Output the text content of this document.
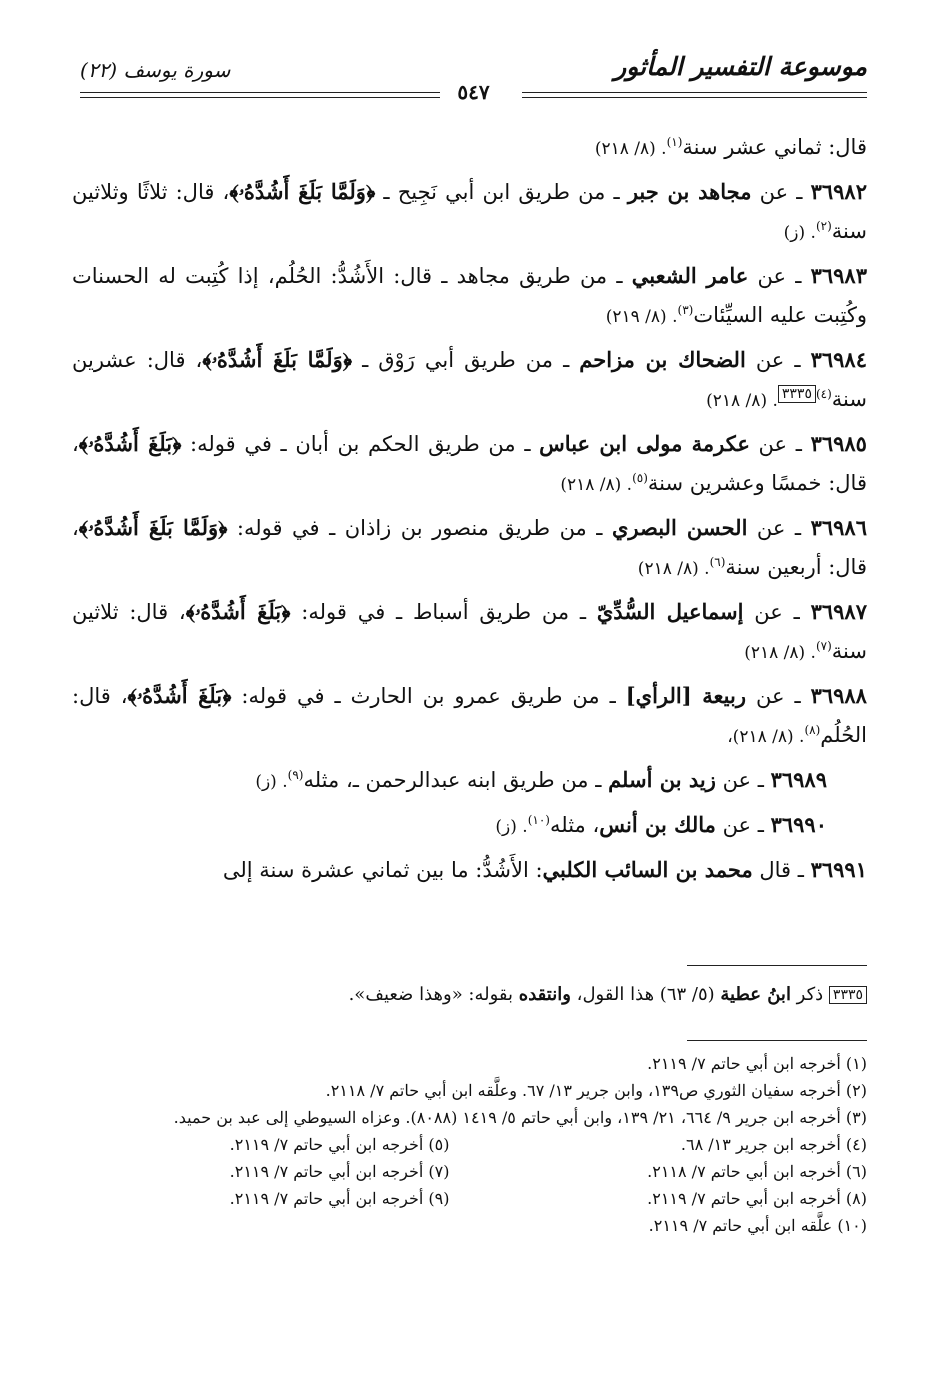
موسوعة التفسير المأثور
سورة يوسف (٢٢)
٥٤٧

قال: ثماني عشر سنة$^{(١)}$. (٨/ ٢١٨)

٣٦٩٨٢ ـ عن مجاهد بن جبر ـ من طريق ابن أبي نَجِيح ـ ﴿وَلَمَّا بَلَغَ أَشُدَّهُۥ﴾، قال: ثلاثًا وثلاثين سنة$^{(٢)}$. (ز)

٣٦٩٨٣ ـ عن عامر الشعبي ـ من طريق مجاهد ـ قال: الأَشُدُّ: الحُلُم، إذا كُتِبت له الحسنات وكُتِبت عليه السيِّئات$^{(٣)}$. (٨/ ٢١٩)

٣٦٩٨٤ ـ عن الضحاك بن مزاحم ـ من طريق أبي رَوْق ـ ﴿وَلَمَّا بَلَغَ أَشُدَّهُۥ﴾، قال: عشرين سنة$^{(٤)}$٣٣٣٥. (٨/ ٢١٨)

٣٦٩٨٥ ـ عن عكرمة مولى ابن عباس ـ من طريق الحكم بن أبان ـ في قوله: ﴿بَلَغَ أَشُدَّهُۥ﴾، قال: خمسًا وعشرين سنة$^{(٥)}$. (٨/ ٢١٨)

٣٦٩٨٦ ـ عن الحسن البصري ـ من طريق منصور بن زاذان ـ في قوله: ﴿وَلَمَّا بَلَغَ أَشُدَّهُۥ﴾، قال: أربعين سنة$^{(٦)}$. (٨/ ٢١٨)

٣٦٩٨٧ ـ عن إسماعيل السُّدِّيّ ـ من طريق أسباط ـ في قوله: ﴿بَلَغَ أَشُدَّهُۥ﴾، قال: ثلاثين سنة$^{(٧)}$. (٨/ ٢١٨)

٣٦٩٨٨ ـ عن ربيعة [الرأي] ـ من طريق عمرو بن الحارث ـ في قوله: ﴿بَلَغَ أَشُدَّهُۥ﴾، قال: الحُلُم$^{(٨)}$. (٨/ ٢١٨)،

٣٦٩٨٩ ـ عن زيد بن أسلم ـ من طريق ابنه عبدالرحمن ـ، مثله$^{(٩)}$. (ز)

٣٦٩٩٠ ـ عن مالك بن أنس، مثله$^{(١٠)}$. (ز)

٣٦٩٩١ ـ قال محمد بن السائب الكلبي: الأَشُدُّ: ما بين ثماني عشرة سنة إلى

٣٣٣٥ ذكر ابنُ عطية (٥/ ٦٣) هذا القول، وانتقده بقوله: «وهذا ضعيف».

(١) أخرجه ابن أبي حاتم ٧/ ٢١١٩.

(٢) أخرجه سفيان الثوري ص١٣٩، وابن جرير ١٣/ ٦٧. وعلَّقه ابن أبي حاتم ٧/ ٢١١٨.

(٣) أخرجه ابن جرير ٩/ ٦٦٤، ٢١/ ١٣٩، وابن أبي حاتم ٥/ ١٤١٩ (٨٠٨٨). وعزاه السيوطي إلى عبد بن حميد.

(٤) أخرجه ابن جرير ١٣/ ٦٨.

(٥) أخرجه ابن أبي حاتم ٧/ ٢١١٩.

(٦) أخرجه ابن أبي حاتم ٧/ ٢١١٨.

(٧) أخرجه ابن أبي حاتم ٧/ ٢١١٩.

(٨) أخرجه ابن أبي حاتم ٧/ ٢١١٩.

(٩) أخرجه ابن أبي حاتم ٧/ ٢١١٩.

(١٠) علَّقه ابن أبي حاتم ٧/ ٢١١٩.
